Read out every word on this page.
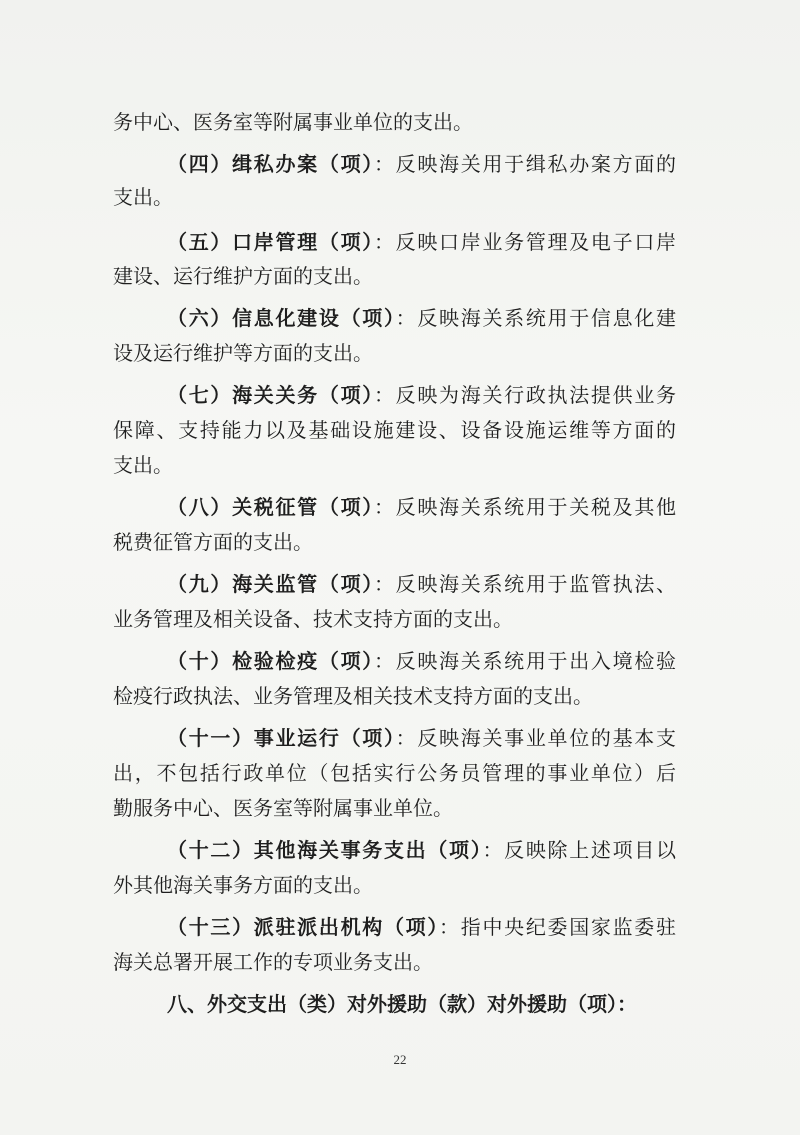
务中心、医务室等附属事业单位的支出。
（四）缉私办案（项）：反映海关用于缉私办案方面的
支出。
（五）口岸管理（项）：反映口岸业务管理及电子口岸
建设、运行维护方面的支出。
（六）信息化建设（项）：反映海关系统用于信息化建
设及运行维护等方面的支出。
（七）海关关务（项）：反映为海关行政执法提供业务
保障、支持能力以及基础设施建设、设备设施运维等方面的
支出。
（八）关税征管（项）：反映海关系统用于关税及其他
税费征管方面的支出。
（九）海关监管（项）：反映海关系统用于监管执法、
业务管理及相关设备、技术支持方面的支出。
（十）检验检疫（项）：反映海关系统用于出入境检验
检疫行政执法、业务管理及相关技术支持方面的支出。
（十一）事业运行（项）：反映海关事业单位的基本支
出，不包括行政单位（包括实行公务员管理的事业单位）后
勤服务中心、医务室等附属事业单位。
（十二）其他海关事务支出（项）：反映除上述项目以
外其他海关事务方面的支出。
（十三）派驻派出机构（项）：指中央纪委国家监委驻
海关总署开展工作的专项业务支出。
八、外交支出（类）对外援助（款）对外援助（项）：
22
